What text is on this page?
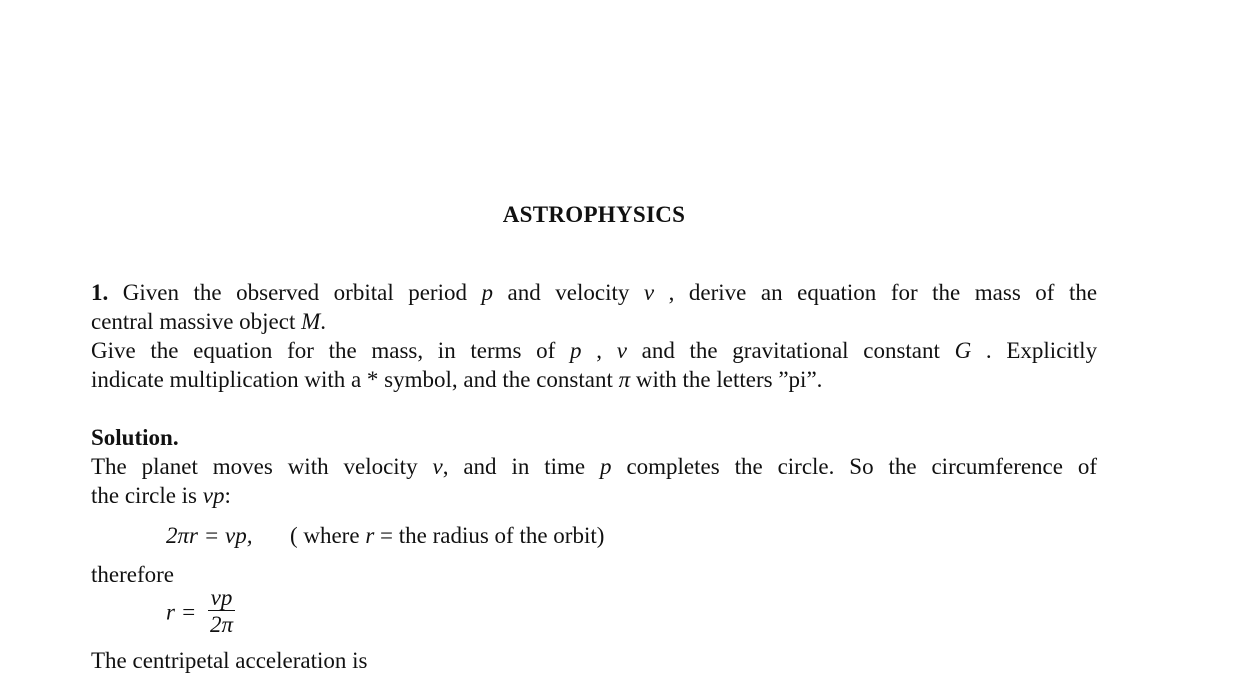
ASTROPHYSICS
1. Given the observed orbital period p and velocity v , derive an equation for the mass of the
central massive object M.
Give the equation for the mass, in terms of p , v and the gravitational constant G . Explicitly
indicate multiplication with a * symbol, and the constant π with the letters ”pi”.
Solution.
The planet moves with velocity v, and in time p completes the circle. So the circumference of
the circle is vp:
2πr = vp, ( where r = the radius of the orbit)
therefore
$r = \frac{vp}{2\pi}$
The centripetal acceleration is
